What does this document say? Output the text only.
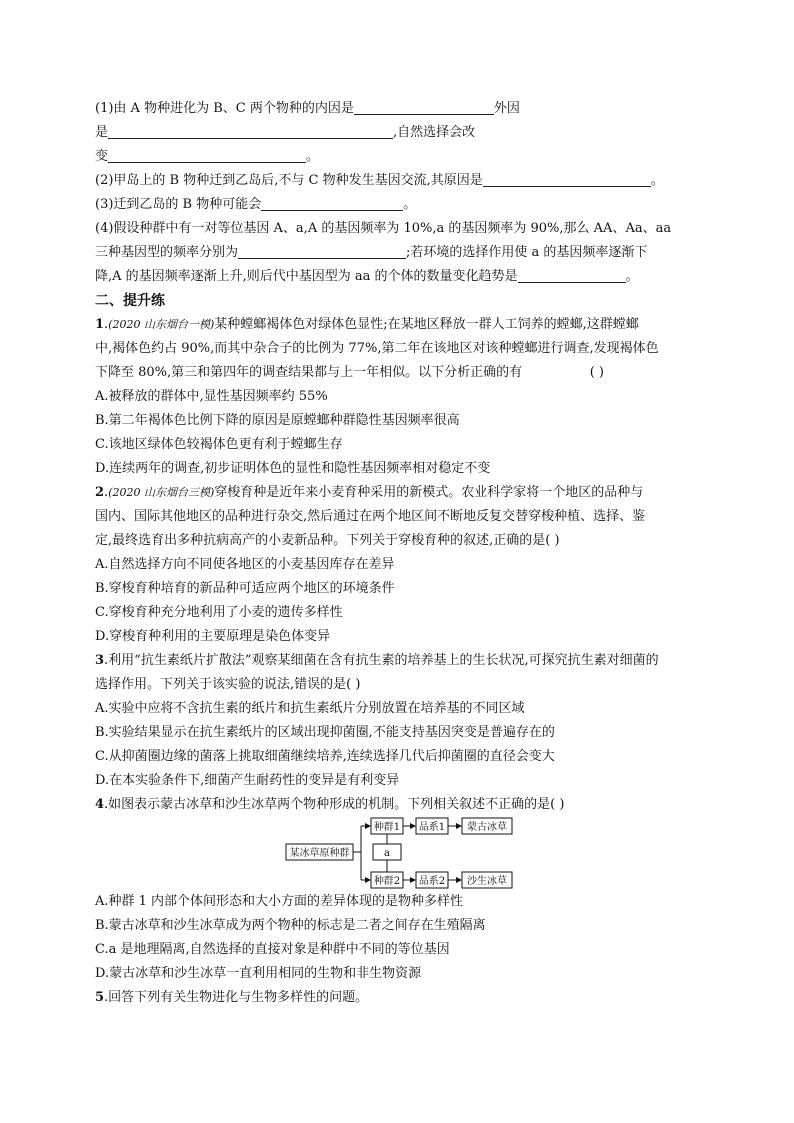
(1)由 A 物种进化为 B、C 两个物种的内因是	外因
是	,自然选择会改
变	。
(2)甲岛上的 B 物种迁到乙岛后,不与 C 物种发生基因交流,其原因是	。
(3)迁到乙岛的 B 物种可能会	。
(4)假设种群中有一对等位基因 A、a,A 的基因频率为 10%,a 的基因频率为 90%,那么 AA、Aa、aa
三种基因型的频率分别为	;若环境的选择作用使 a 的基因频率逐渐下
降,A 的基因频率逐渐上升,则后代中基因型为 aa 的个体的数量变化趋势是	。
二、提升练
1.(2020 山东烟台一模)某种螳螂褐体色对绿体色显性;在某地区释放一群人工饲养的螳螂,这群螳螂
中,褐体色约占 90%,而其中杂合子的比例为 77%,第二年在该地区对该种螳螂进行调查,发现褐体色
下降至 80%,第三和第四年的调查结果都与上一年相似。以下分析正确的有	( )
A.被释放的群体中,显性基因频率约 55%
B.第二年褐体色比例下降的原因是原螳螂种群隐性基因频率很高
C.该地区绿体色较褐体色更有利于螳螂生存
D.连续两年的调查,初步证明体色的显性和隐性基因频率相对稳定不变
2.(2020 山东烟台三模)穿梭育种是近年来小麦育种采用的新模式。农业科学家将一个地区的品种与
国内、国际其他地区的品种进行杂交,然后通过在两个地区间不断地反复交替穿梭种植、选择、鉴
定,最终选育出多种抗病高产的小麦新品种。下列关于穿梭育种的叙述,正确的是( )
A.自然选择方向不同使各地区的小麦基因库存在差异
B.穿梭育种培育的新品种可适应两个地区的环境条件
C.穿梭育种充分地利用了小麦的遗传多样性
D.穿梭育种利用的主要原理是染色体变异
3.利用“抗生素纸片扩散法”观察某细菌在含有抗生素的培养基上的生长状况,可探究抗生素对细菌的
选择作用。下列关于该实验的说法,错误的是( )
A.实验中应将不含抗生素的纸片和抗生素纸片分别放置在培养基的不同区域
B.实验结果显示在抗生素纸片的区域出现抑菌圈,不能支持基因突变是普遍存在的
C.从抑菌圈边缘的菌落上挑取细菌继续培养,连续选择几代后抑菌圈的直径会变大
D.在本实验条件下,细菌产生耐药性的变异是有利变异
4.如图表示蒙古冰草和沙生冰草两个物种形成的机制。下列相关叙述不正确的是( )
某冰草原种群
种群1 品系1 蒙古冰草
a
种群2 品系2 沙生冰草
A.种群 1 内部个体间形态和大小方面的差异体现的是物种多样性
B.蒙古冰草和沙生冰草成为两个物种的标志是二者之间存在生殖隔离
C.a 是地理隔离,自然选择的直接对象是种群中不同的等位基因
D.蒙古冰草和沙生冰草一直利用相同的生物和非生物资源
5.回答下列有关生物进化与生物多样性的问题。
